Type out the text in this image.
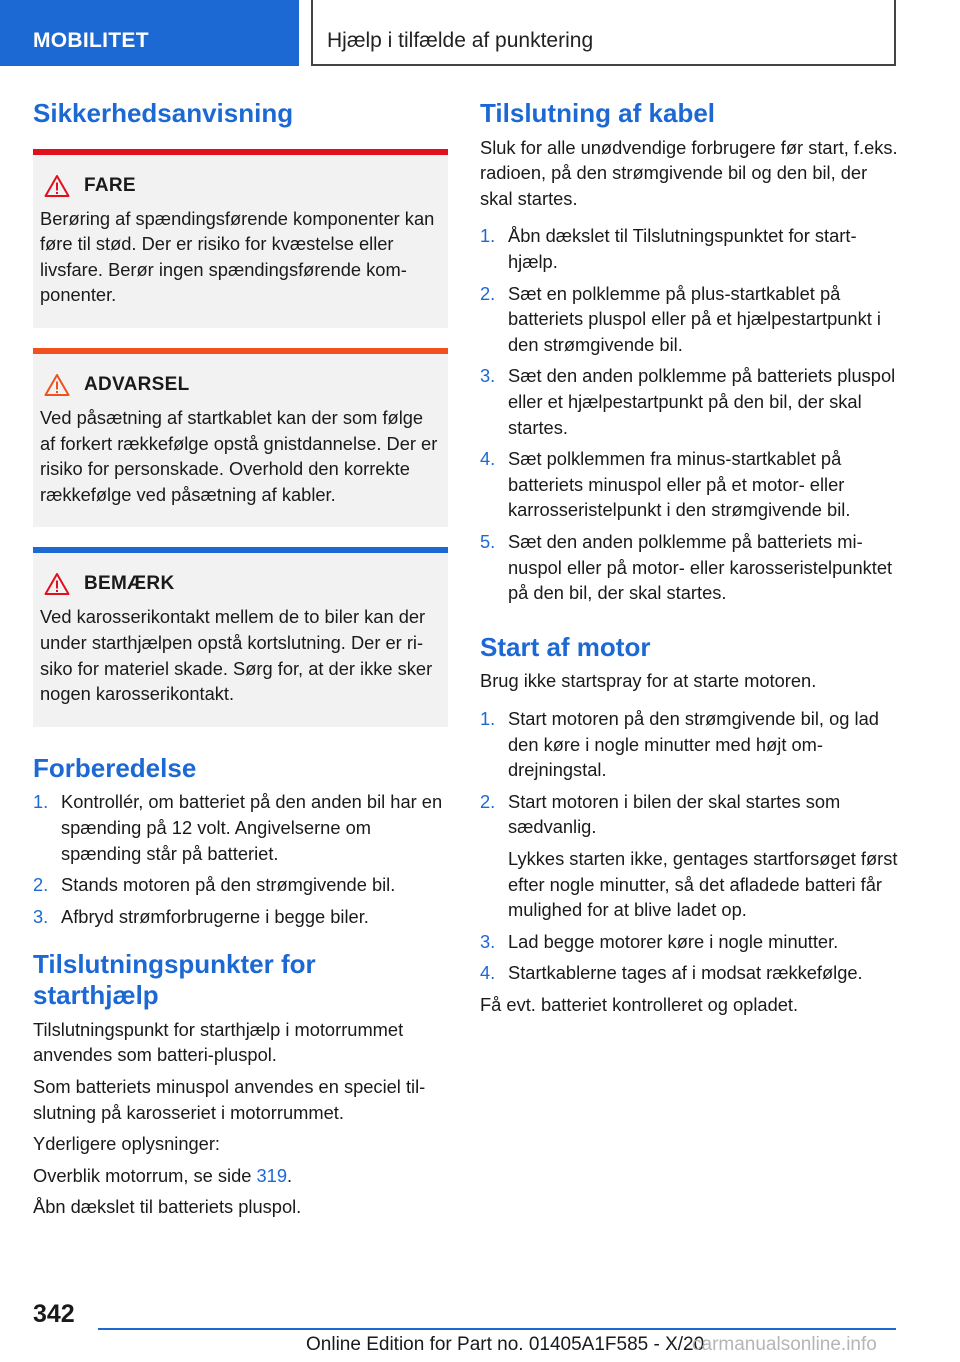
MOBILITET	Hjælp i tilfælde af punktering
Sikkerhedsanvisning
FARE
Berøring af spændingsførende komponenter kan føre til stød. Der er risiko for kvæstelse eller livsfare. Berør ingen spændingsførende komponenter.
ADVARSEL
Ved påsætning af startkablet kan der som følge af forkert rækkefølge opstå gnistdannelse. Der er risiko for personskade. Overhold den korrekte rækkefølge ved påsætning af kabler.
BEMÆRK
Ved karosserikontakt mellem de to biler kan der under starthjælpen opstå kortslutning. Der er risiko for materiel skade. Sørg for, at der ikke sker nogen karosserikontakt.
Forberedelse
1. Kontrollér, om batteriet på den anden bil har en spænding på 12 volt. Angivelserne om spænding står på batteriet.
2. Stands motoren på den strømgivende bil.
3. Afbryd strømforbrugerne i begge biler.
Tilslutningspunkter for starthjælp

Tilslutningspunkt for starthjælp i motorrummet anvendes som batteri-pluspol.

Som batteriets minuspol anvendes en speciel tilslutning på karosseriet i motorrummet.

Yderligere oplysninger:

Overblik motorrum, se side 319.

Åbn dækslet til batteriets pluspol.

Tilslutning af kabel

Sluk for alle unødvendige forbrugere før start, f.eks. radioen, på den strømgivende bil og den bil, der skal startes.

1. Åbn dækslet til Tilslutningspunktet for starthjælp.
2. Sæt en polklemme på plus-startkablet på batteriets pluspol eller på et hjælpestartpunkt i den strømgivende bil.
3. Sæt den anden polklemme på batteriets pluspol eller et hjælpestartpunkt på den bil, der skal startes.
4. Sæt polklemmen fra minus-startkablet på batteriets minuspol eller på et motor- eller karrosseristelpunkt i den strømgivende bil.
5. Sæt den anden polklemme på batteriets minuspol eller på motor- eller karosseristelpunktet på den bil, der skal startes.
Start af motor

Brug ikke startspray for at starte motoren.

1. Start motoren på den strømgivende bil, og lad den køre i nogle minutter med højt omdrejningstal.
2. Start motoren i bilen der skal startes som sædvanlig.
Lykkes starten ikke, gentages startforsøget først efter nogle minutter, så det afladede batteri får mulighed for at blive ladet op.
3. Lad begge motorer køre i nogle minutter.
4. Startkablerne tages af i modsat rækkefølge.

Få evt. batteriet kontrolleret og opladet.

342
Online Edition for Part no. 01405A1F585 - X/20
carmanualsonline.info
